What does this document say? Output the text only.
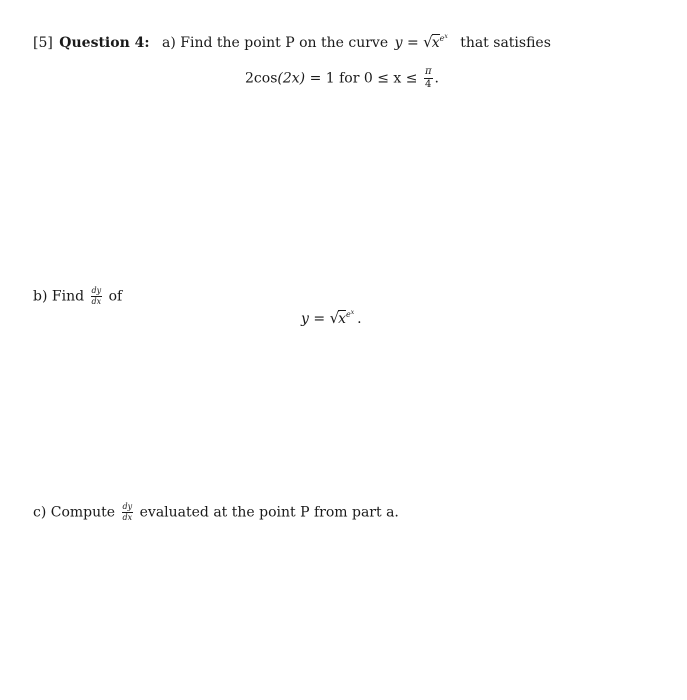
[5] Question 4: a) Find the point P on the curve $y = √x^{e^x}$ that satisfies
2cos(2x) = 1 for $0 \le x \le \frac{\pi}{4}$ .
b) Find $\frac{dy}{dx}$ of
$y = √x^{e^x}$ .
c) Compute $\frac{dy}{dx}$ evaluated at the point P from part a.
